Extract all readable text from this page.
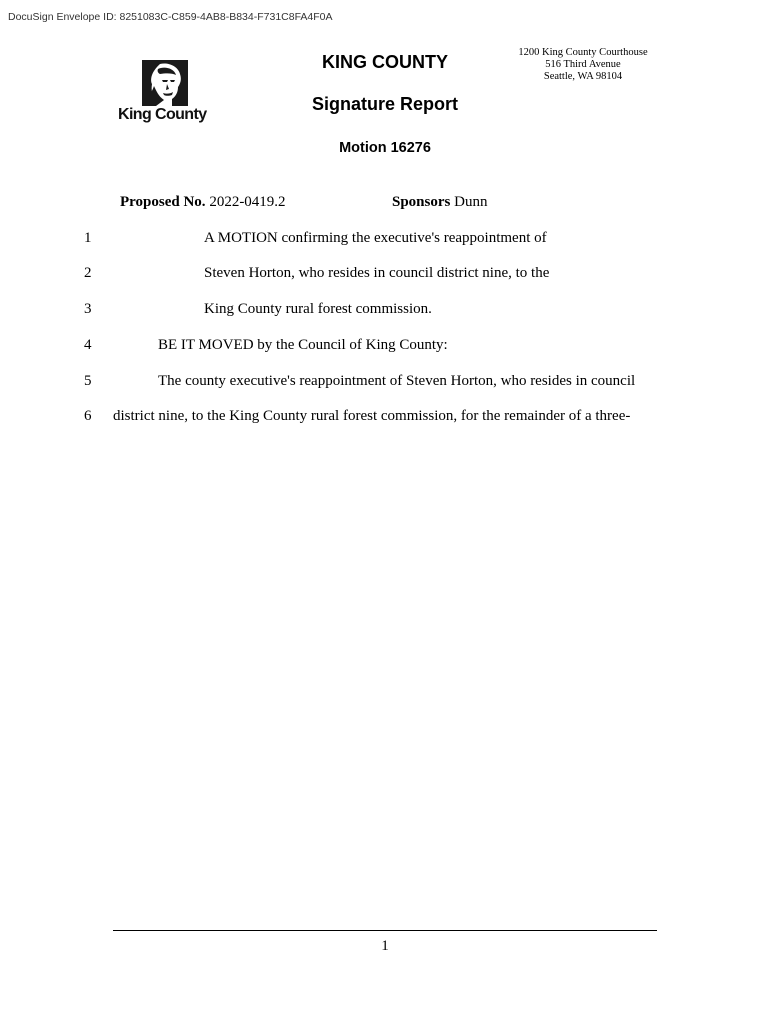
DocuSign Envelope ID: 8251083C-C859-4AB8-B834-F731C8FA4F0A
King County
KING COUNTY	1200 King County Courthouse
516 Third Avenue
Seattle, WA 98104
Signature Report
Motion 16276
Proposed No. 2022-0419.2	Sponsors Dunn
1	A MOTION confirming the executive's reappointment of
2	Steven Horton, who resides in council district nine, to the
3	King County rural forest commission.
4	BE IT MOVED by the Council of King County:
5	The county executive's reappointment of Steven Horton, who resides in council
6 district nine, to the King County rural forest commission, for the remainder of a three-
1
